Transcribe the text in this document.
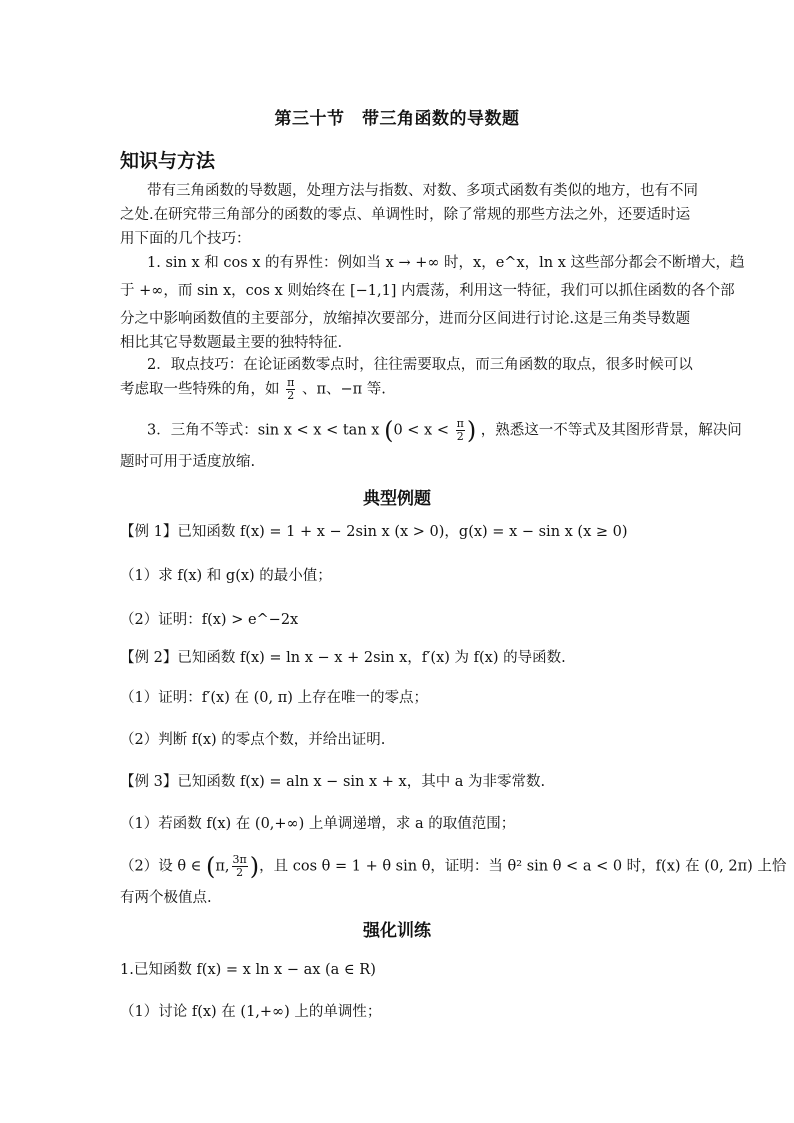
第三十节　带三角函数的导数题
知识与方法
带有三角函数的导数题，处理方法与指数、对数、多项式函数有类似的地方，也有不同
之处.在研究带三角部分的函数的零点、单调性时，除了常规的那些方法之外，还要适时运
用下面的几个技巧：
1. sin x 和 cos x 的有界性：例如当 x → +∞ 时，x，e^x，ln x 这些部分都会不断增大，趋
于 +∞，而 sin x，cos x 则始终在 [−1,1] 内震荡，利用这一特征，我们可以抓住函数的各个部
分之中影响函数值的主要部分，放缩掉次要部分，进而分区间进行讨论.这是三角类导数题
相比其它导数题最主要的独特特征.
2．取点技巧：在论证函数零点时，往往需要取点，而三角函数的取点，很多时候可以
考虑取一些特殊的角，如 $\frac{\pi}{2}$ 、π、−π 等.
3．三角不等式：sin x < x < tan x ($0 < x < \frac{\pi}{2}$ ) ，熟悉这一不等式及其图形背景，解决问
题时可用于适度放缩.
典型例题
【例 1】已知函数 f(x) = 1 + x − 2sin x (x > 0)，g(x) = x − sin x (x ≥ 0)
（1）求 f(x) 和 g(x) 的最小值；
（2）证明：f(x) > e^−2x
【例 2】已知函数 f(x) = ln x − x + 2sin x，f′(x) 为 f(x) 的导函数.
（1）证明：f′(x) 在 (0, π) 上存在唯一的零点；
（2）判断 f(x) 的零点个数，并给出证明.
【例 3】已知函数 f(x) = aln x − sin x + x，其中 a 为非零常数.
（1）若函数 f(x) 在 (0,+∞) 上单调递增，求 a 的取值范围；
（2）设 θ ∈ (π, $\frac{3\pi}{2}$ )，且 cos θ = 1 + θ sin θ，证明：当 θ² sin θ < a < 0 时，f(x) 在 (0, 2π) 上恰
有两个极值点.
强化训练
1.已知函数 f(x) = x ln x − ax (a ∈ R)
（1）讨论 f(x) 在 (1,+∞) 上的单调性；
